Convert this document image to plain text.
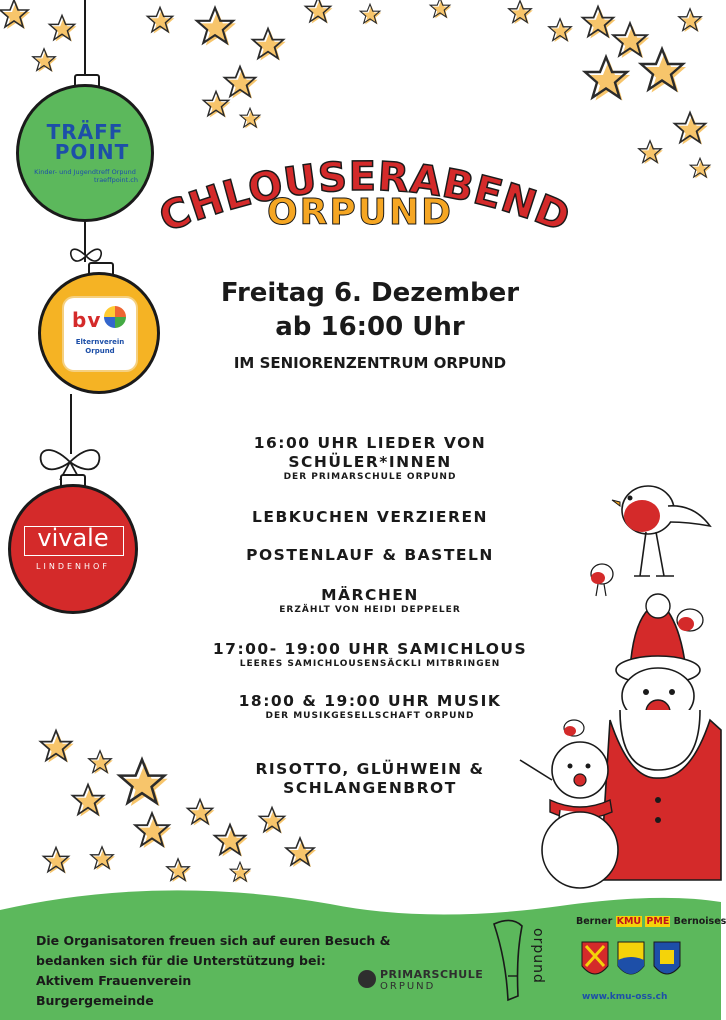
TRÄFF
POINT
Kinder- und Jugendtreff Orpund
traeffpoint.ch
bv
Elternverein
Orpund
vivale
LINDENHOF
CHLOUSERABEND
ORPUND
Freitag 6. Dezember
ab 16:00 Uhr
IM SENIORENZENTRUM ORPUND
16:00 UHR LIEDER VON
SCHÜLER*INNEN
DER PRIMARSCHULE ORPUND
LEBKUCHEN VERZIEREN
POSTENLAUF & BASTELN
MÄRCHEN
ERZÄHLT VON HEIDI DEPPELER
17:00- 19:00 UHR SAMICHLOUS
LEERES SAMICHLOUSENSÄCKLI MITBRINGEN
18:00 & 19:00 UHR MUSIK
DER MUSIKGESELLSCHAFT ORPUND
RISOTTO, GLÜHWEIN &
SCHLANGENBROT
Die Organisatoren freuen sich auf euren Besuch &
bedanken sich für die Unterstützung bei:
Aktivem Frauenverein
Burgergemeinde
PRIMARSCHULE
ORPUND
orpund
Berner KMU PME Bernoises
www.kmu-oss.ch
